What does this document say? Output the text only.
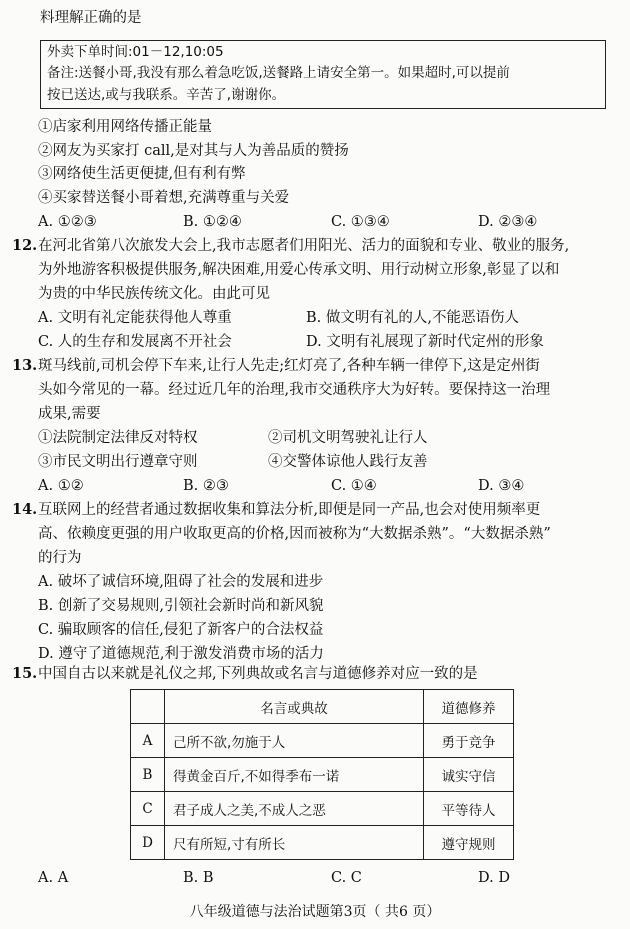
料理解正确的是
外卖下单时间:01－12,10:05
备注:送餐小哥,我没有那么着急吃饭,送餐路上请安全第一。如果超时,可以提前
按已送达,或与我联系。辛苦了,谢谢你。
①店家利用网络传播正能量
②网友为买家打 call,是对其与人为善品质的赞扬
③网络使生活更便捷,但有利有弊
④买家替送餐小哥着想,充满尊重与关爱
A. ①②③	B. ①②④	C. ①③④	D. ②③④
12. 在河北省第八次旅发大会上,我市志愿者们用阳光、活力的面貌和专业、敬业的服务,
为外地游客积极提供服务,解决困难,用爱心传承文明、用行动树立形象,彰显了以和
为贵的中华民族传统文化。由此可见
A. 文明有礼定能获得他人尊重	B. 做文明有礼的人,不能恶语伤人
C. 人的生存和发展离不开社会	D. 文明有礼展现了新时代定州的形象
13. 斑马线前,司机会停下车来,让行人先走;红灯亮了,各种车辆一律停下,这是定州街
头如今常见的一幕。经过近几年的治理,我市交通秩序大为好转。要保持这一治理
成果,需要
①法院制定法律反对特权	②司机文明驾驶礼让行人
③市民文明出行遵章守则	④交警体谅他人践行友善
A. ①②	B. ②③	C. ①④	D. ③④
14. 互联网上的经营者通过数据收集和算法分析,即便是同一产品,也会对使用频率更
高、依赖度更强的用户收取更高的价格,因而被称为“大数据杀熟”。“大数据杀熟”
的行为
A. 破坏了诚信环境,阻碍了社会的发展和进步
B. 创新了交易规则,引领社会新时尚和新风貌
C. 骗取顾客的信任,侵犯了新客户的合法权益
D. 遵守了道德规范,利于激发消费市场的活力
15. 中国自古以来就是礼仪之邦,下列典故或名言与道德修养对应一致的是
	名言或典故	道德修养
A	己所不欲,勿施于人	勇于竞争
B	得黄金百斤,不如得季布一诺	诚实守信
C	君子成人之美,不成人之恶	平等待人
D	尺有所短,寸有所长	遵守规则
A. A	B. B	C. C	D. D
八年级道德与法治试题第3页（ 共6 页）
